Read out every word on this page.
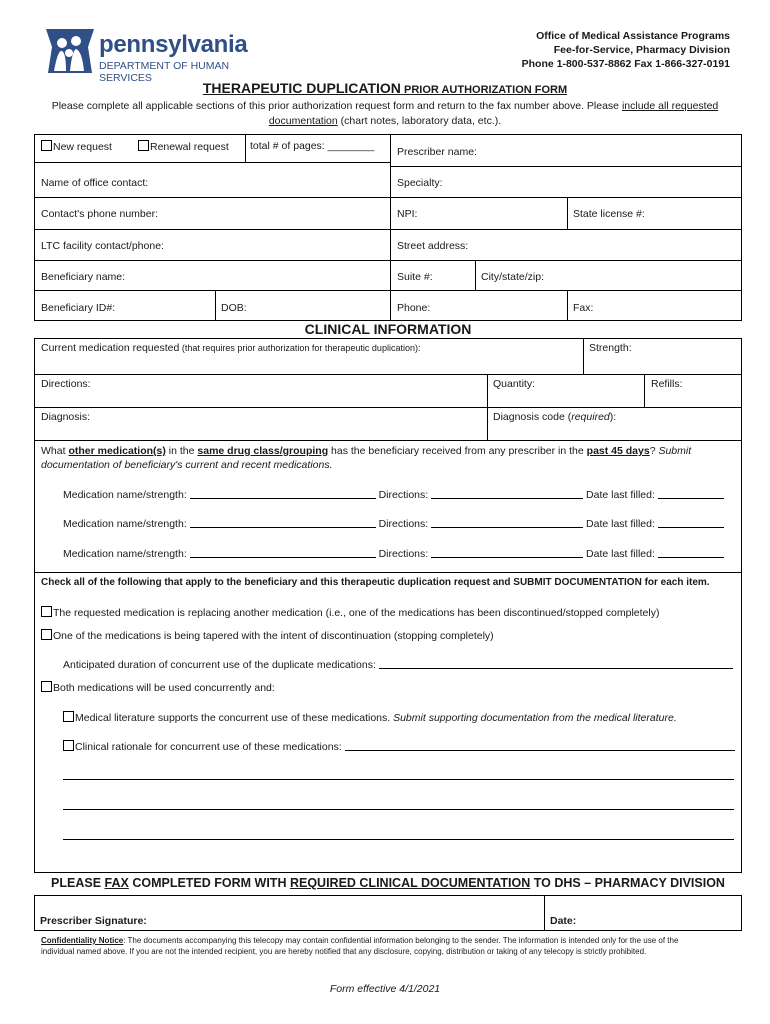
pennsylvania
DEPARTMENT OF HUMAN SERVICES
Office of Medical Assistance Programs
Fee-for-Service, Pharmacy Division
Phone 1-800-537-8862 Fax 1-866-327-0191
THERAPEUTIC DUPLICATION PRIOR AUTHORIZATION FORM
Please complete all applicable sections of this prior authorization request form and return to the fax number above. Please include all requested
documentation (chart notes, laboratory data, etc.).
New request	Renewal request total # of pages: ________ Prescriber name:
Name of office contact:	Specialty:
Contact's phone number:	NPI:	State license #:
LTC facility contact/phone:	Street address:
Beneficiary name:	Suite #:	City/state/zip:
Beneficiary ID#:	DOB:	Phone:	Fax:
CLINICAL INFORMATION
Current medication requested (that requires prior authorization for therapeutic duplication):	Strength:
Directions:	Quantity:	Refills:
Diagnosis:	Diagnosis code (required):
What other medication(s) in the same drug class/grouping has the beneficiary received from any prescriber in the past 45 days? Submit
documentation of beneficiary's current and recent medications.
Medication name/strength:	Directions:	Date last filled:
Medication name/strength:	Directions:	Date last filled:
Medication name/strength:	Directions:	Date last filled:
Check all of the following that apply to the beneficiary and this therapeutic duplication request and SUBMIT DOCUMENTATION for each item.
The requested medication is replacing another medication (i.e., one of the medications has been discontinued/stopped completely)
One of the medications is being tapered with the intent of discontinuation (stopping completely)
Anticipated duration of concurrent use of the duplicate medications:
Both medications will be used concurrently and:
Medical literature supports the concurrent use of these medications. Submit supporting documentation from the medical literature.
Clinical rationale for concurrent use of these medications:
PLEASE FAX COMPLETED FORM WITH REQUIRED CLINICAL DOCUMENTATION TO DHS – PHARMACY DIVISION
Prescriber Signature:	Date:
Confidentiality Notice: The documents accompanying this telecopy may contain confidential information belonging to the sender. The information is intended only for the use of the
individual named above. If you are not the intended recipient, you are hereby notified that any disclosure, copying, distribution or taking of any telecopy is strictly prohibited.
Form effective 4/1/2021
